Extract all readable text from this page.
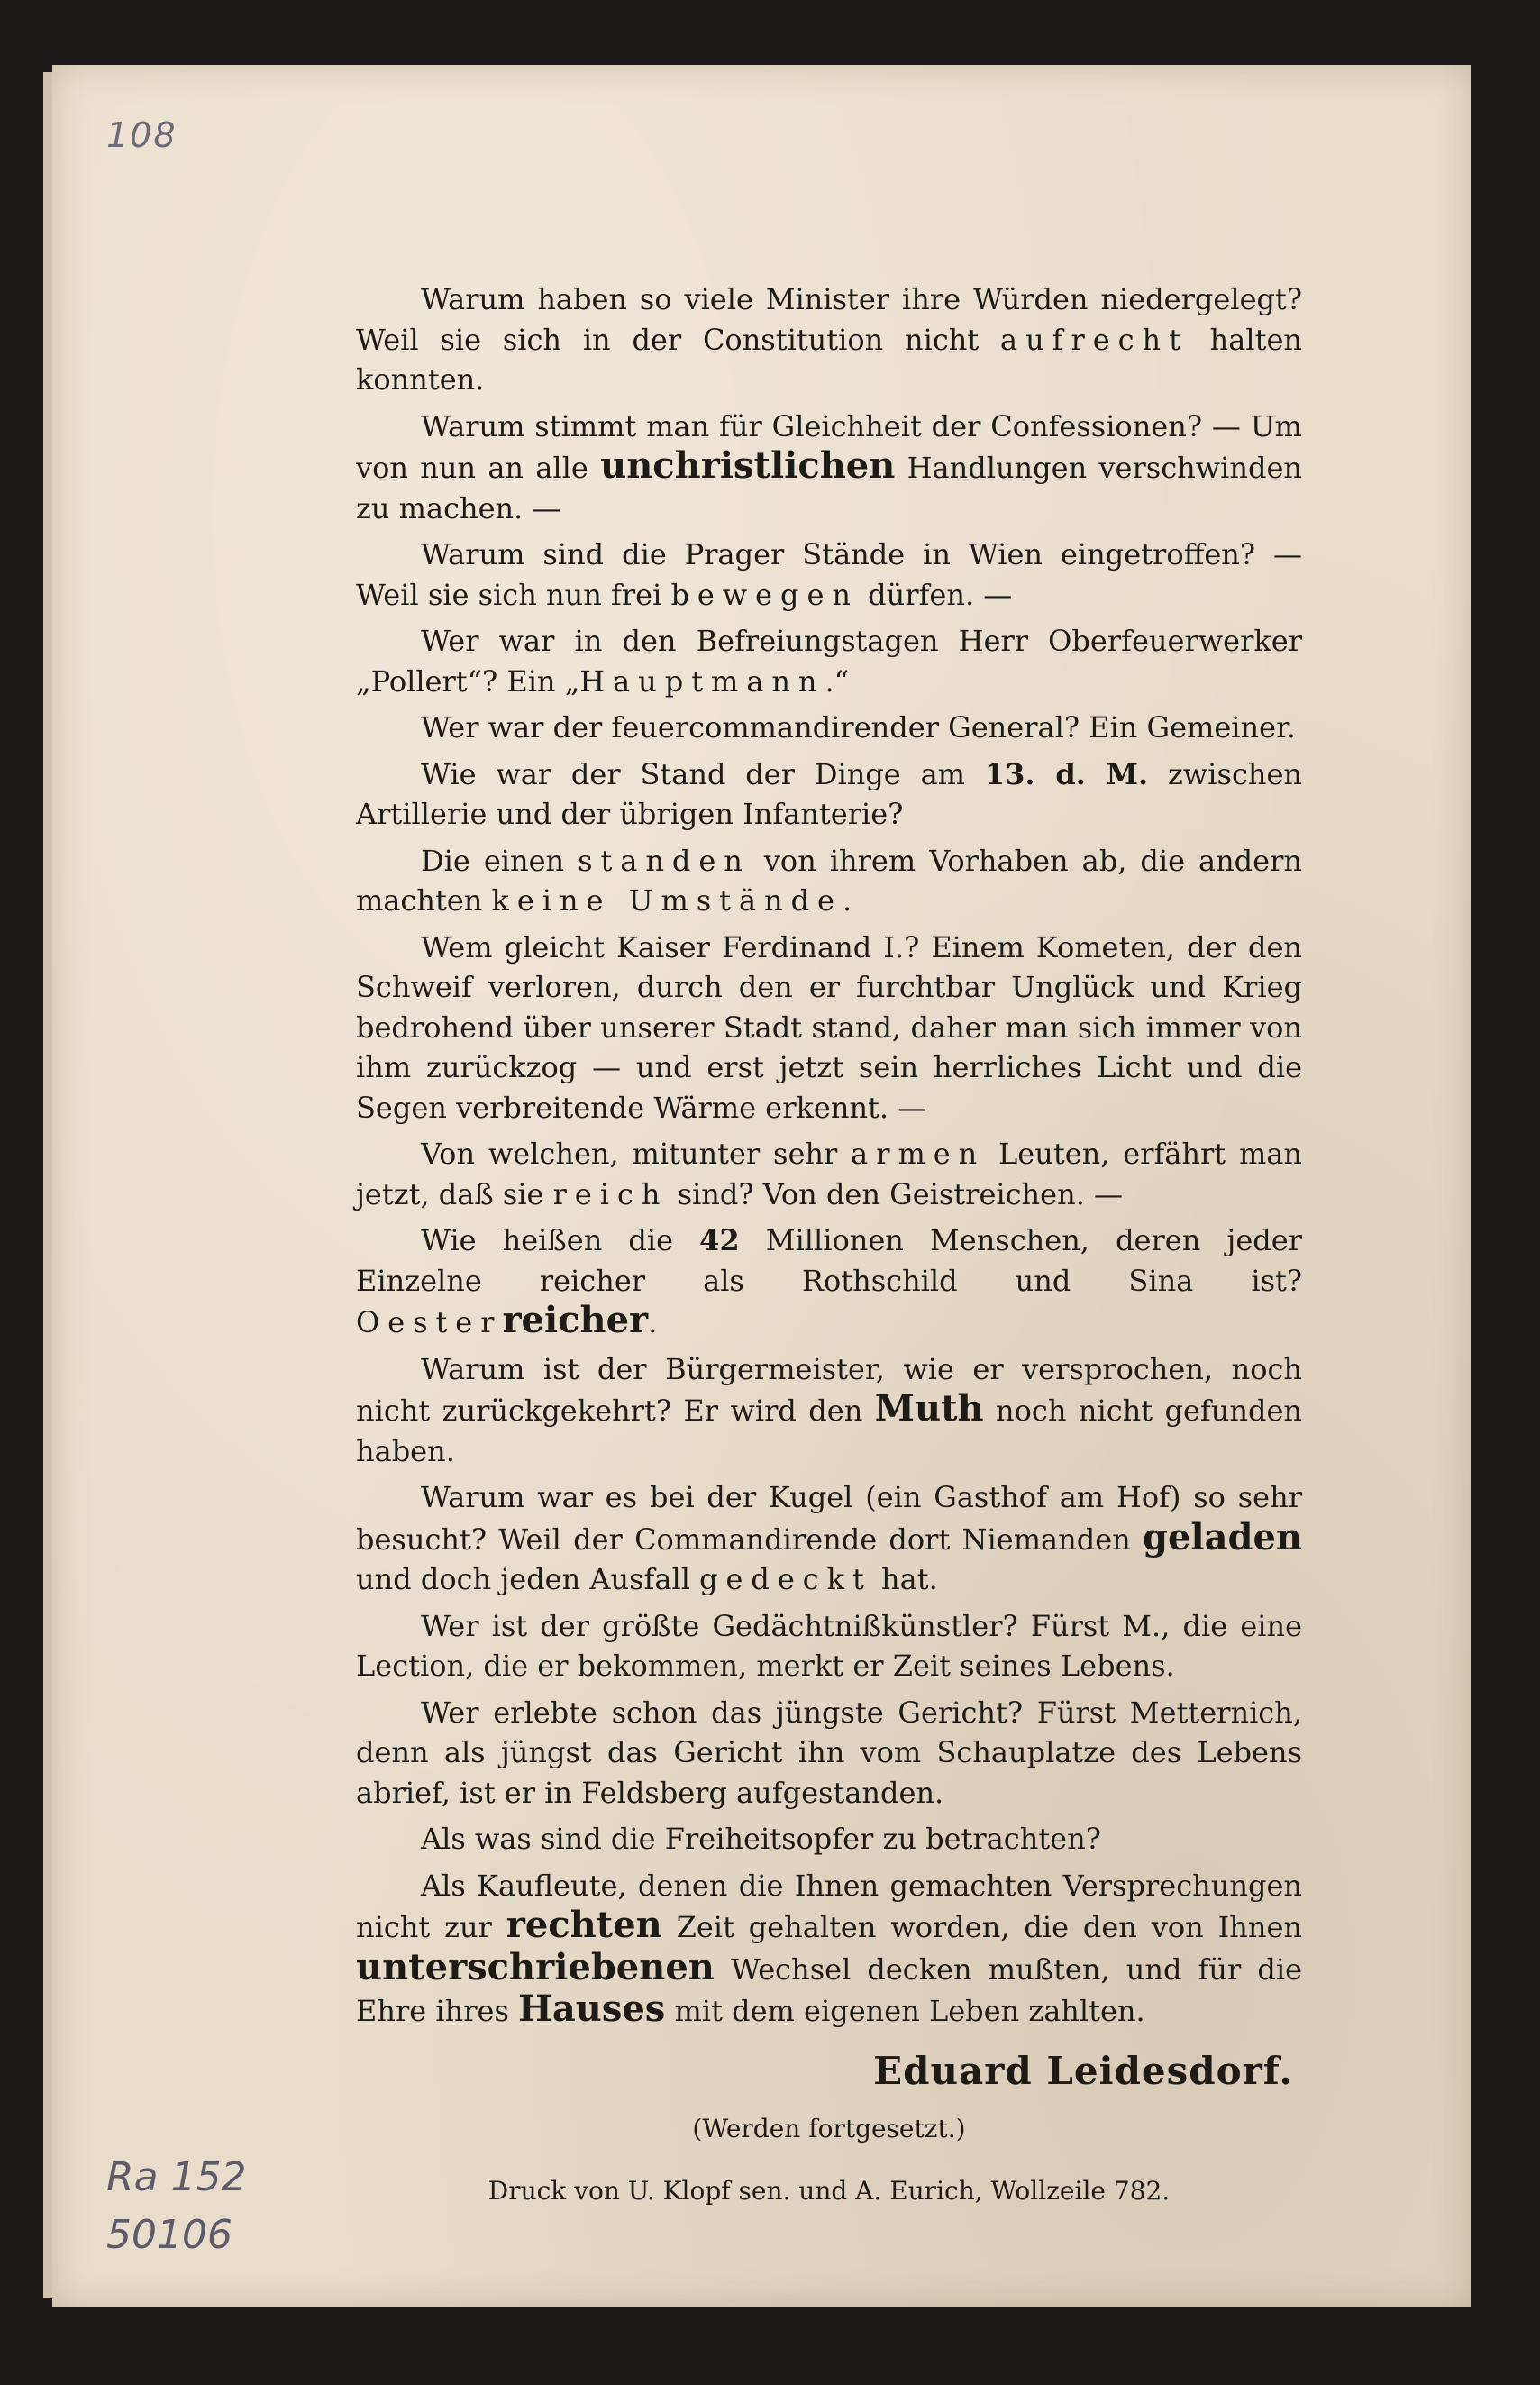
108
Ra 152
50106

Warum haben so viele Minister ihre Würden niedergelegt? Weil sie sich in der Constitution nicht aufrecht halten konnten.

Warum stimmt man für Gleichheit der Confessionen? — Um von nun an alle unchristlichen Handlungen verschwinden zu machen. —

Warum sind die Prager Stände in Wien eingetroffen? — Weil sie sich nun frei bewegen dürfen. —

Wer war in den Befreiungstagen Herr Oberfeuerwerker „Pollert“? Ein „Hauptmann.“

Wer war der feuercommandirender General? Ein Gemeiner.

Wie war der Stand der Dinge am 13. d. M. zwischen Artillerie und der übrigen Infanterie?

Die einen standen von ihrem Vorhaben ab, die andern machten keine Umstände.

Wem gleicht Kaiser Ferdinand I.? Einem Kometen, der den Schweif verloren, durch den er furchtbar Unglück und Krieg bedrohend über unserer Stadt stand, daher man sich immer von ihm zurückzog — und erst jetzt sein herrliches Licht und die Segen verbreitende Wärme erkennt. —

Von welchen, mitunter sehr armen Leuten, erfährt man jetzt, daß sie reich sind? Von den Geistreichen. —

Wie heißen die 42 Millionen Menschen, deren jeder Einzelne reicher als Rothschild und Sina ist? Oesterreicher.

Warum ist der Bürgermeister, wie er versprochen, noch nicht zurückgekehrt? Er wird den Muth noch nicht gefunden haben.

Warum war es bei der Kugel (ein Gasthof am Hof) so sehr besucht? Weil der Commandirende dort Niemanden geladen und doch jeden Ausfall gedeckt hat.

Wer ist der größte Gedächtnißkünstler? Fürst M., die eine Lection, die er bekommen, merkt er Zeit seines Lebens.

Wer erlebte schon das jüngste Gericht? Fürst Metternich, denn als jüngst das Gericht ihn vom Schauplatze des Lebens abrief, ist er in Feldsberg aufgestanden.

Als was sind die Freiheitsopfer zu betrachten?

Als Kaufleute, denen die Ihnen gemachten Versprechungen nicht zur rechten Zeit gehalten worden, die den von Ihnen unterschriebenen Wechsel decken mußten, und für die Ehre ihres Hauses mit dem eigenen Leben zahlten.

Eduard Leidesdorf.
(Werden fortgesetzt.)
Druck von U. Klopf sen. und A. Eurich, Wollzeile 782.
